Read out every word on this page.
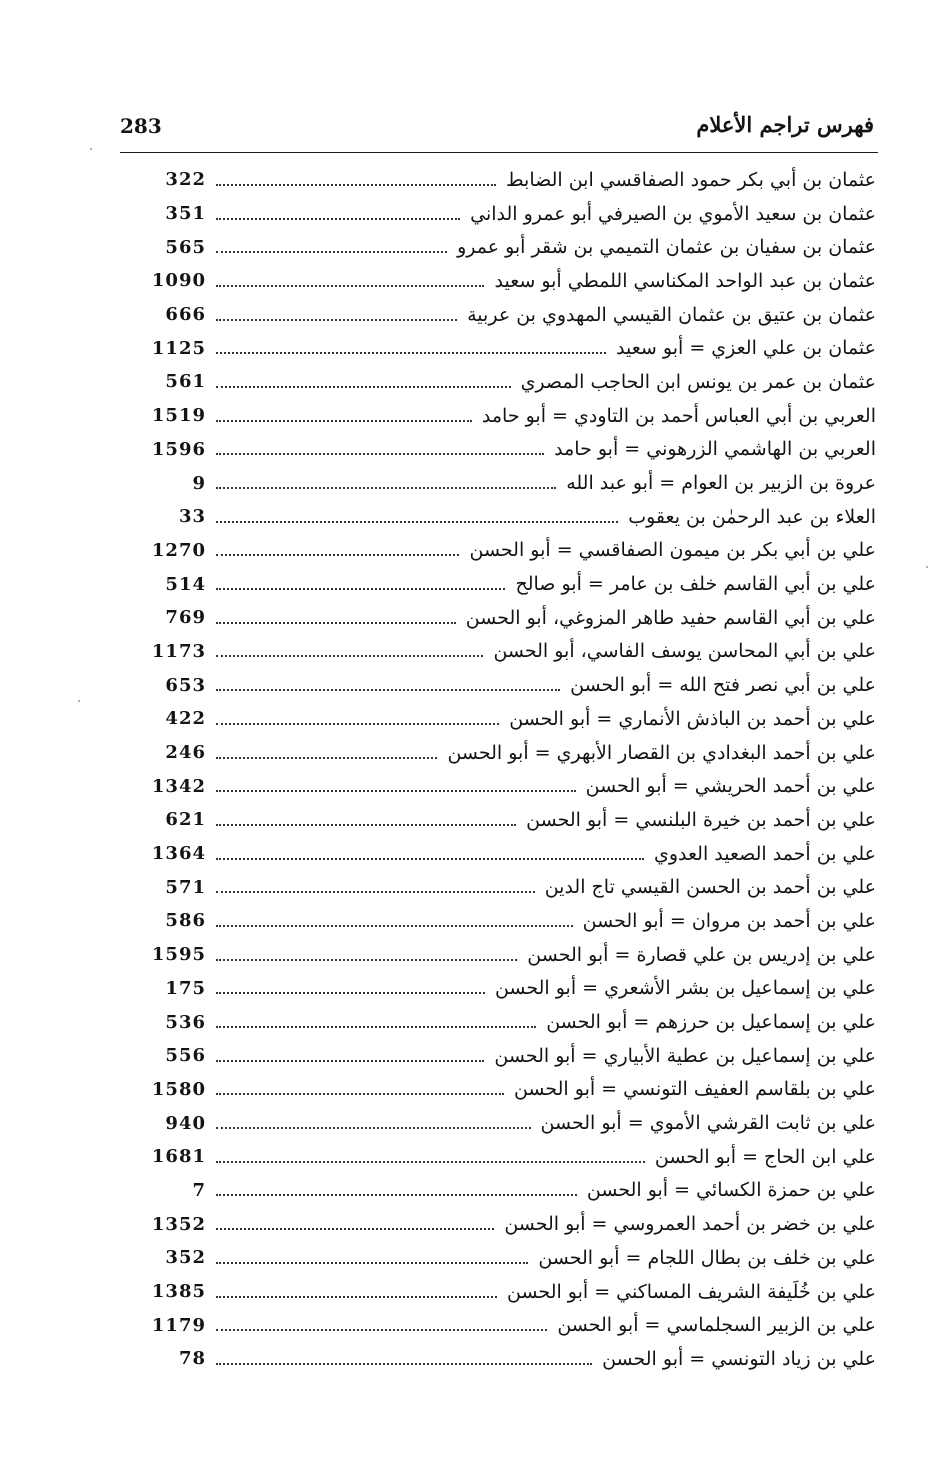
283	فهرس تراجم الأعلام
عثمان بن أبي بكر حمود الصفاقسي ابن الضابط
322
عثمان بن سعيد الأموي بن الصيرفي أبو عمرو الداني
351
عثمان بن سفيان بن عثمان التميمي بن شقر أبو عمرو
565
عثمان بن عبد الواحد المكناسي اللمطي أبو سعيد
1090
عثمان بن عتيق بن عثمان القيسي المهدوي بن عربية
666
عثمان بن علي العزي = أبو سعيد
1125
عثمان بن عمر بن يونس ابن الحاجب المصري
561
العربي بن أبي العباس أحمد بن التاودي = أبو حامد
1519
العربي بن الهاشمي الزرهوني = أبو حامد
1596
عروة بن الزبير بن العوام = أبو عبد الله
9
العلاء بن عبد الرحمٰن بن يعقوب
33
علي بن أبي بكر بن ميمون الصفاقسي = أبو الحسن
1270
علي بن أبي القاسم خلف بن عامر = أبو صالح
514
علي بن أبي القاسم حفيد طاهر المزوغي، أبو الحسن
769
علي بن أبي المحاسن يوسف الفاسي، أبو الحسن
1173
علي بن أبي نصر فتح الله = أبو الحسن
653
علي بن أحمد بن الباذش الأنماري = أبو الحسن
422
علي بن أحمد البغدادي بن القصار الأبهري = أبو الحسن
246
علي بن أحمد الحريشي = أبو الحسن
1342
علي بن أحمد بن خيرة البلنسي = أبو الحسن
621
علي بن أحمد الصعيد العدوي
1364
علي بن أحمد بن الحسن القيسي تاج الدين
571
علي بن أحمد بن مروان = أبو الحسن
586
علي بن إدريس بن علي قصارة = أبو الحسن
1595
علي بن إسماعيل بن بشر الأشعري = أبو الحسن
175
علي بن إسماعيل بن حرزهم = أبو الحسن
536
علي بن إسماعيل بن عطية الأبياري = أبو الحسن
556
علي بن بلقاسم العفيف التونسي = أبو الحسن
1580
علي بن ثابت القرشي الأموي = أبو الحسن
940
علي ابن الحاج = أبو الحسن
1681
علي بن حمزة الكسائي = أبو الحسن
7
علي بن خضر بن أحمد العمروسي = أبو الحسن
1352
علي بن خلف بن بطال اللجام = أبو الحسن
352
علي بن خُلَيفة الشريف المساكني = أبو الحسن
1385
علي بن الزبير السجلماسي = أبو الحسن
1179
علي بن زياد التونسي = أبو الحسن
78
